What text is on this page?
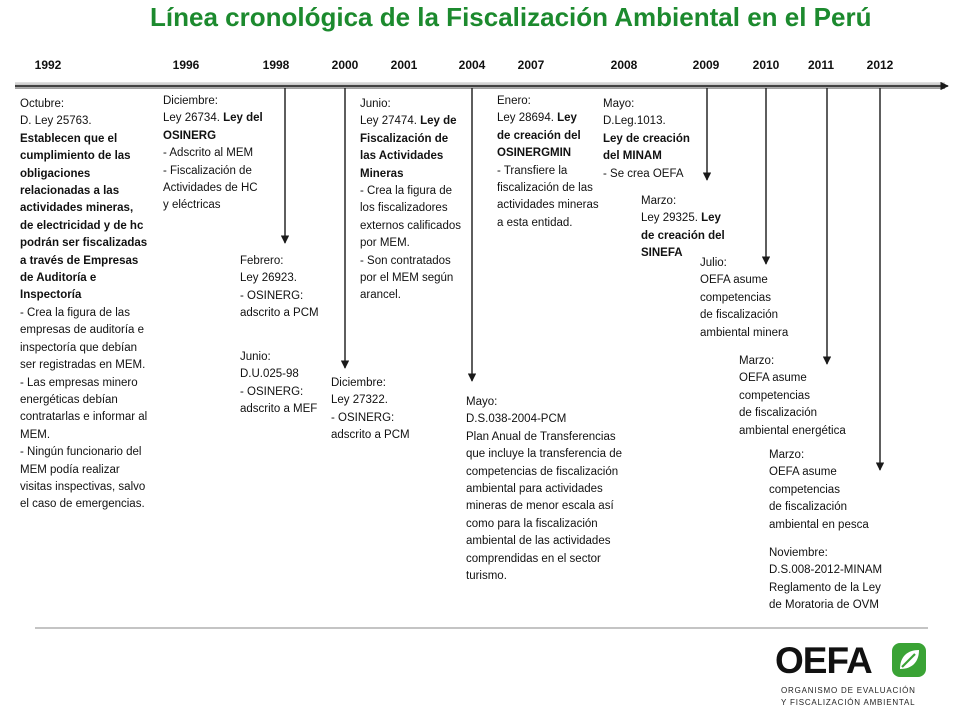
Línea cronológica de la Fiscalización Ambiental en el Perú
1992	1996	1998	2000	2001	2004	2007	2008	2009	2010 2011	2012
Octubre:
D. Ley 25763.
Establecen que el
cumplimiento de las
obligaciones
relacionadas a las
actividades mineras,
de electricidad y de hc
podrán ser fiscalizadas
a través de Empresas
de Auditoría e
Inspectoría
- Crea la figura de las
empresas de auditoría e
inspectoría que debían
ser registradas en MEM.
- Las empresas minero
energéticas debían
contratarlas e informar al
MEM.
- Ningún funcionario del
MEM podía realizar
visitas inspectivas, salvo
el caso de emergencias.
Diciembre:
Ley 26734. Ley del
OSINERG
- Adscrito al MEM
- Fiscalización de
Actividades de HC
y eléctricas
Febrero:
Ley 26923.
- OSINERG:
adscrito a PCM
Junio:
D.U.025-98
- OSINERG:
adscrito a MEF
Diciembre:
Ley 27322.
- OSINERG:
adscrito a PCM
Junio:
Ley 27474. Ley de
Fiscalización de
las Actividades
Mineras
- Crea la figura de
los fiscalizadores
externos calificados
por MEM.
- Son contratados
por el MEM según
arancel.
Mayo:
D.S.038-2004-PCM
Plan Anual de Transferencias
que incluye la transferencia de
competencias de fiscalización
ambiental para actividades
mineras de menor escala así
como para la fiscalización
ambiental de las actividades
comprendidas en el sector
turismo.
Enero:
Ley 28694. Ley
de creación del
OSINERGMIN
- Transfiere la
fiscalización de las
actividades mineras
a esta entidad.
Mayo:
D.Leg.1013.
Ley de creación
del MINAM
- Se crea OEFA
Marzo:
Ley 29325. Ley
de creación del
SINEFA
Julio:
OEFA asume
competencias
de fiscalización
ambiental minera
Marzo:
OEFA asume
competencias
de fiscalización
ambiental energética
Marzo:
OEFA asume
competencias
de fiscalización
ambiental en pesca
Noviembre:
D.S.008-2012-MINAM
Reglamento de la Ley
de Moratoria de OVM
OEFA
ORGANISMO DE EVALUACIÓN
Y FISCALIZACIÓN AMBIENTAL
